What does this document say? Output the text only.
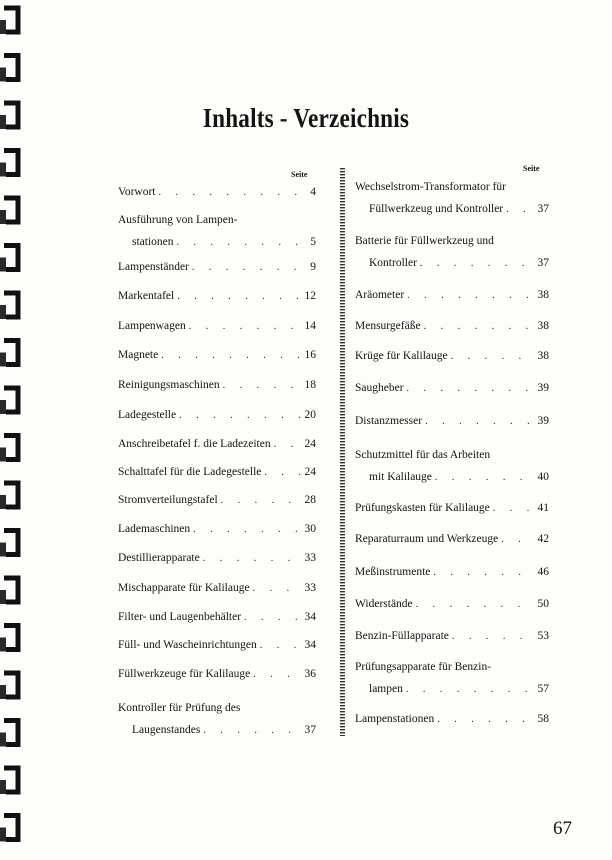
Inhalts - Verzeichnis
Seite
Seite
Vorwort . . .	4
Ausführung von Lampen-
stationen . . .	5
Lampenständer . . .	9
Markentafel . . .	12
Lampenwagen . . .	14
Magnete . . .	16
Reinigungsmaschinen . . .	18
Ladegestelle . . .	20
Anschreibetafel f. die Ladezeiten . . .	24
Schalttafel für die Ladegestelle . . .	24
Stromverteilungstafel . . .	28
Lademaschinen . . .	30
Destillierapparate . . .	33
Mischapparate für Kalilauge . . .	33
Filter- und Laugenbehälter . . .	34
Füll- und Wascheinrichtungen . . .	34
Füllwerkzeuge für Kalilauge . . .	36
Kontroller für Prüfung des
Laugenstandes . . .	37
Wechselstrom-Transformator für
Füllwerkzeug und Kontroller . . .	37
Batterie für Füllwerkzeug und
Kontroller . . .	37
Aräometer . . .	38
Mensurgefäße . . .	38
Krüge für Kalilauge . . .	38
Saugheber . . .	39
Distanzmesser . . .	39
Schutzmittel für das Arbeiten
mit Kalilauge . . .	40
Prüfungskasten für Kalilauge . . .	41
Reparaturraum und Werkzeuge . . .	42
Meßinstrumente . . .	46
Widerstände . . .	50
Benzin-Füllapparate . . .	53
Prüfungsapparate für Benzin-
lampen . . .	57
Lampenstationen . . .	58
67
